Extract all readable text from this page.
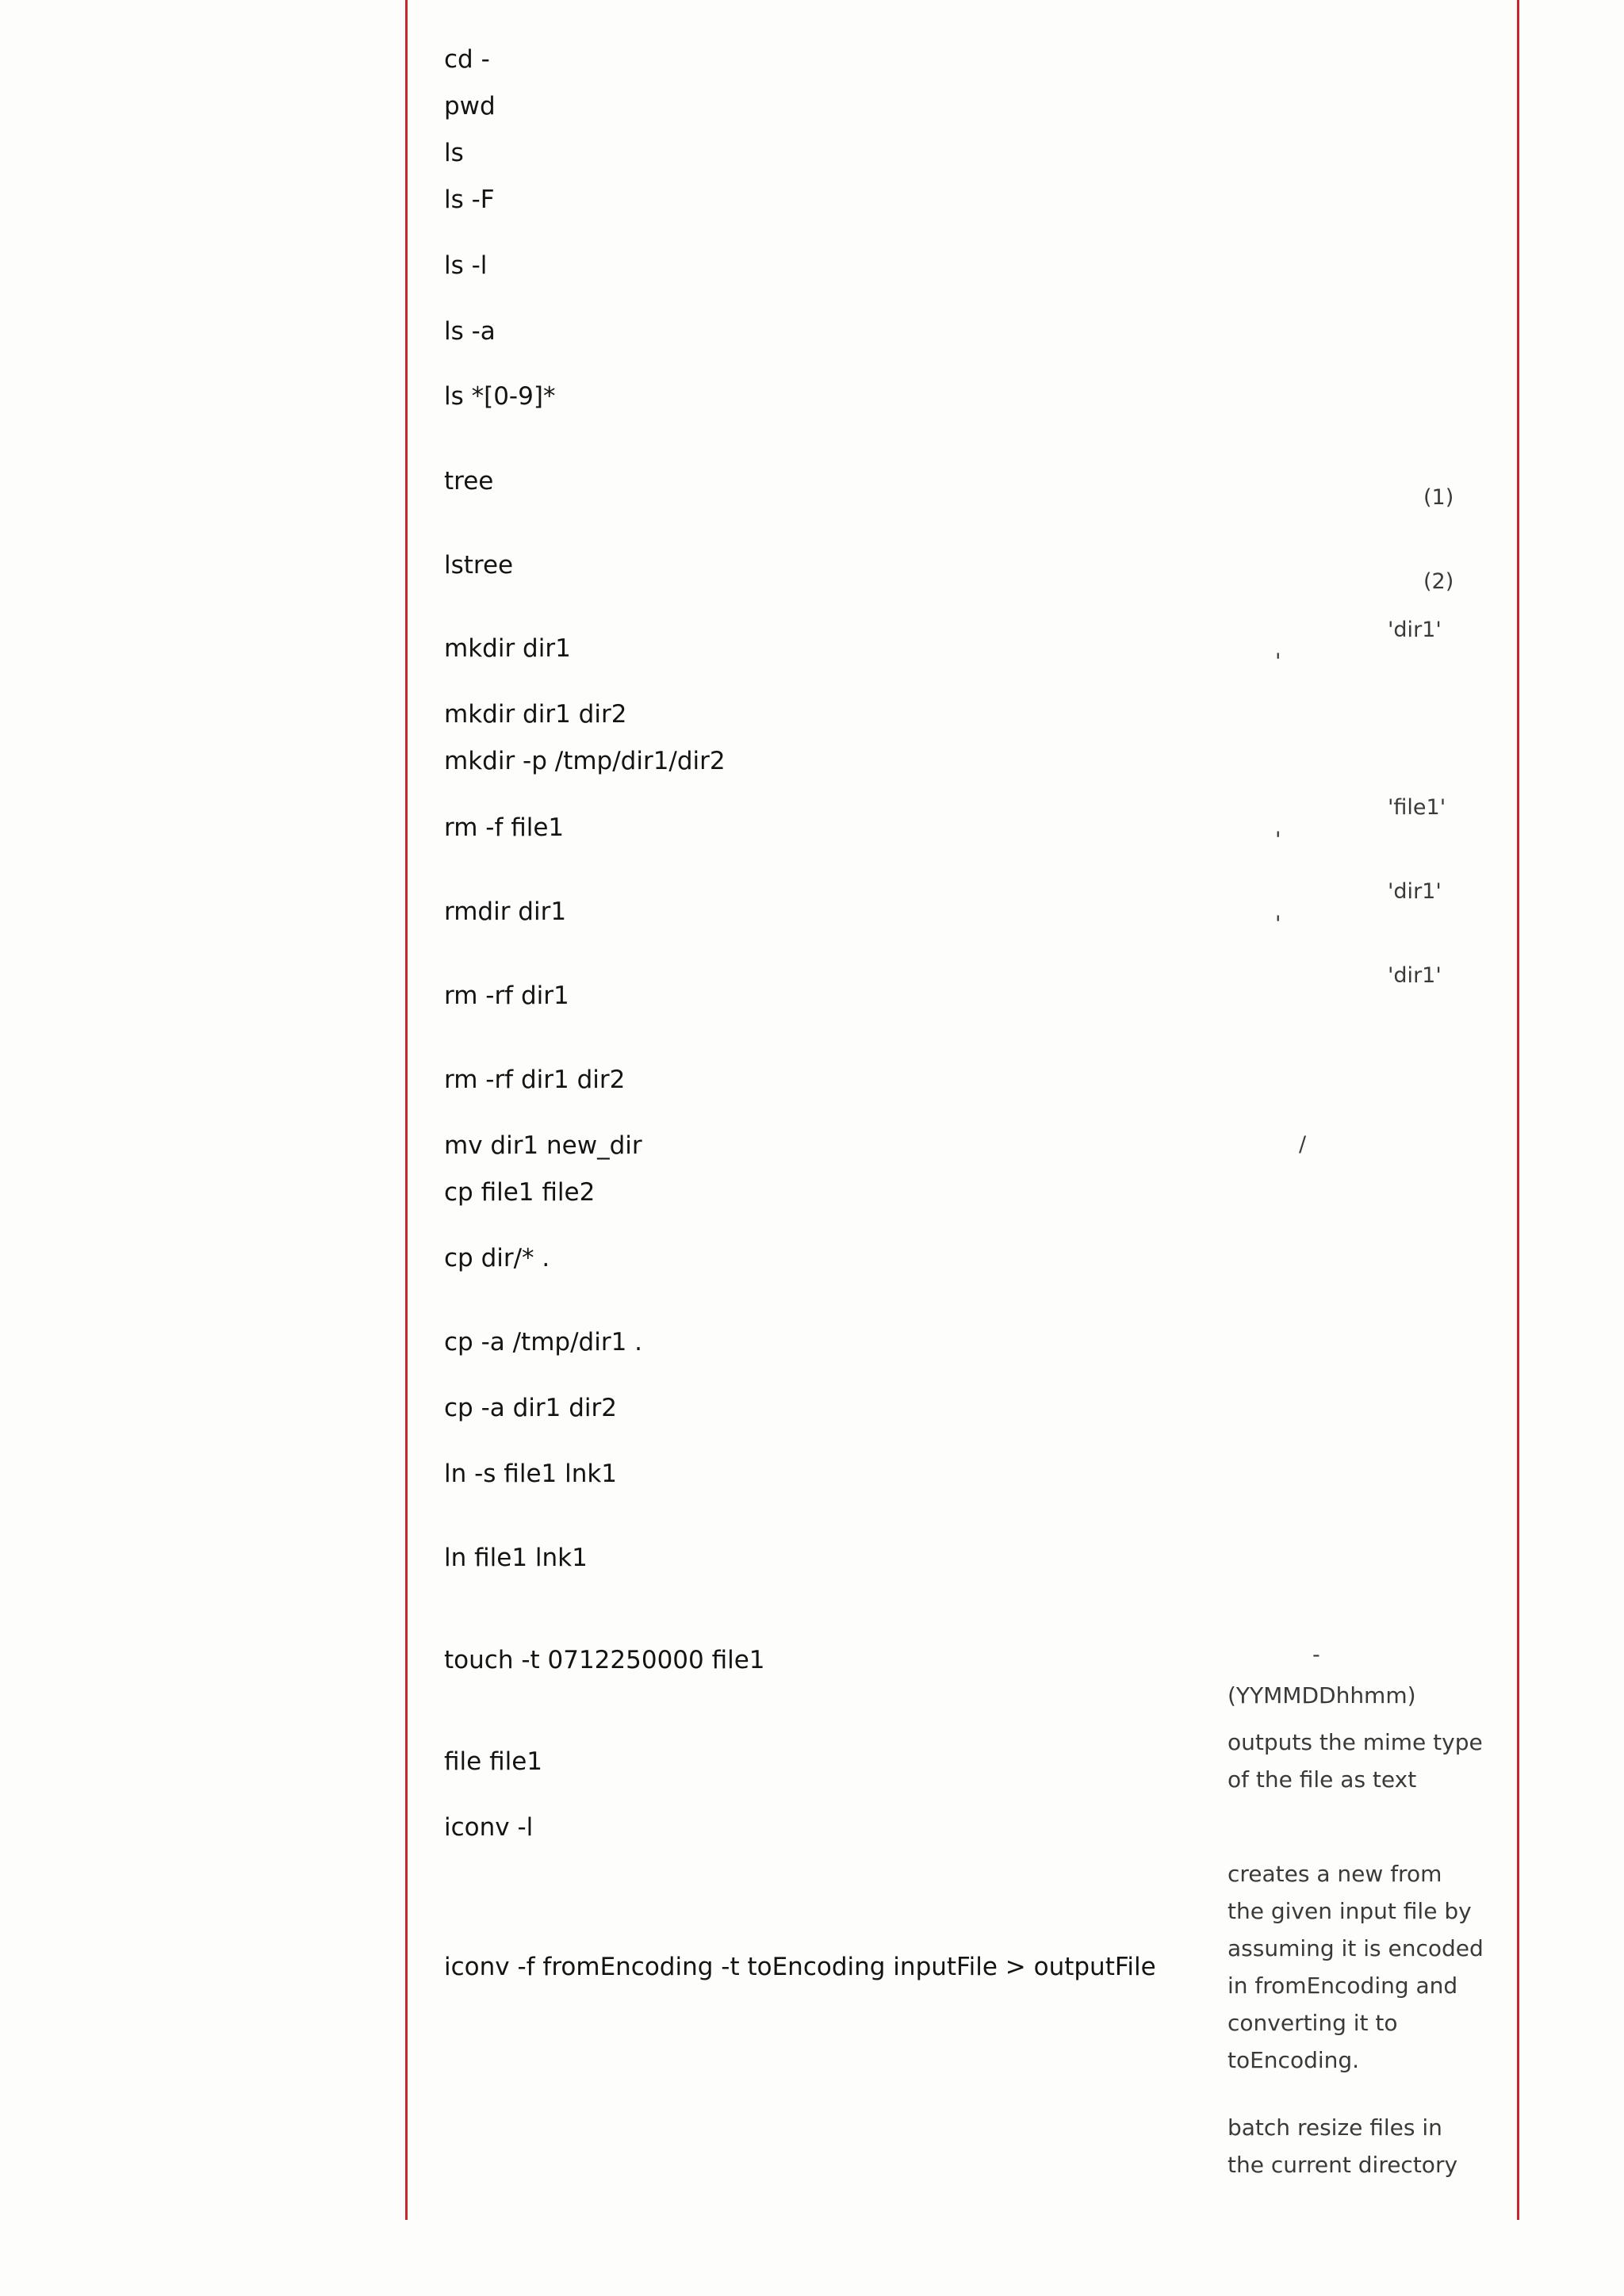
cd -
pwd
ls
ls -F
ls -l
ls -a
ls *[0-9]*
tree
lstree
mkdir dir1
mkdir dir1 dir2
mkdir -p /tmp/dir1/dir2
rm -f file1
rmdir dir1
rm -rf dir1
rm -rf dir1 dir2
mv dir1 new_dir
cp file1 file2
cp dir/* .
cp -a /tmp/dir1 .
cp -a dir1 dir2
ln -s file1 lnk1
ln file1 lnk1
touch -t 0712250000 file1
file file1
iconv -l
iconv -f fromEncoding -t toEncoding inputFile > outputFile
(1)
(2)
'dir1'
'
'file1'
'
'dir1'
'
'dir1'
/
-
(YYMMDDhhmm)
outputs the mime type
of the file as text
creates a new from
the given input file by
assuming it is encoded
in fromEncoding and
converting it to
toEncoding.
batch resize files in
the current directory
